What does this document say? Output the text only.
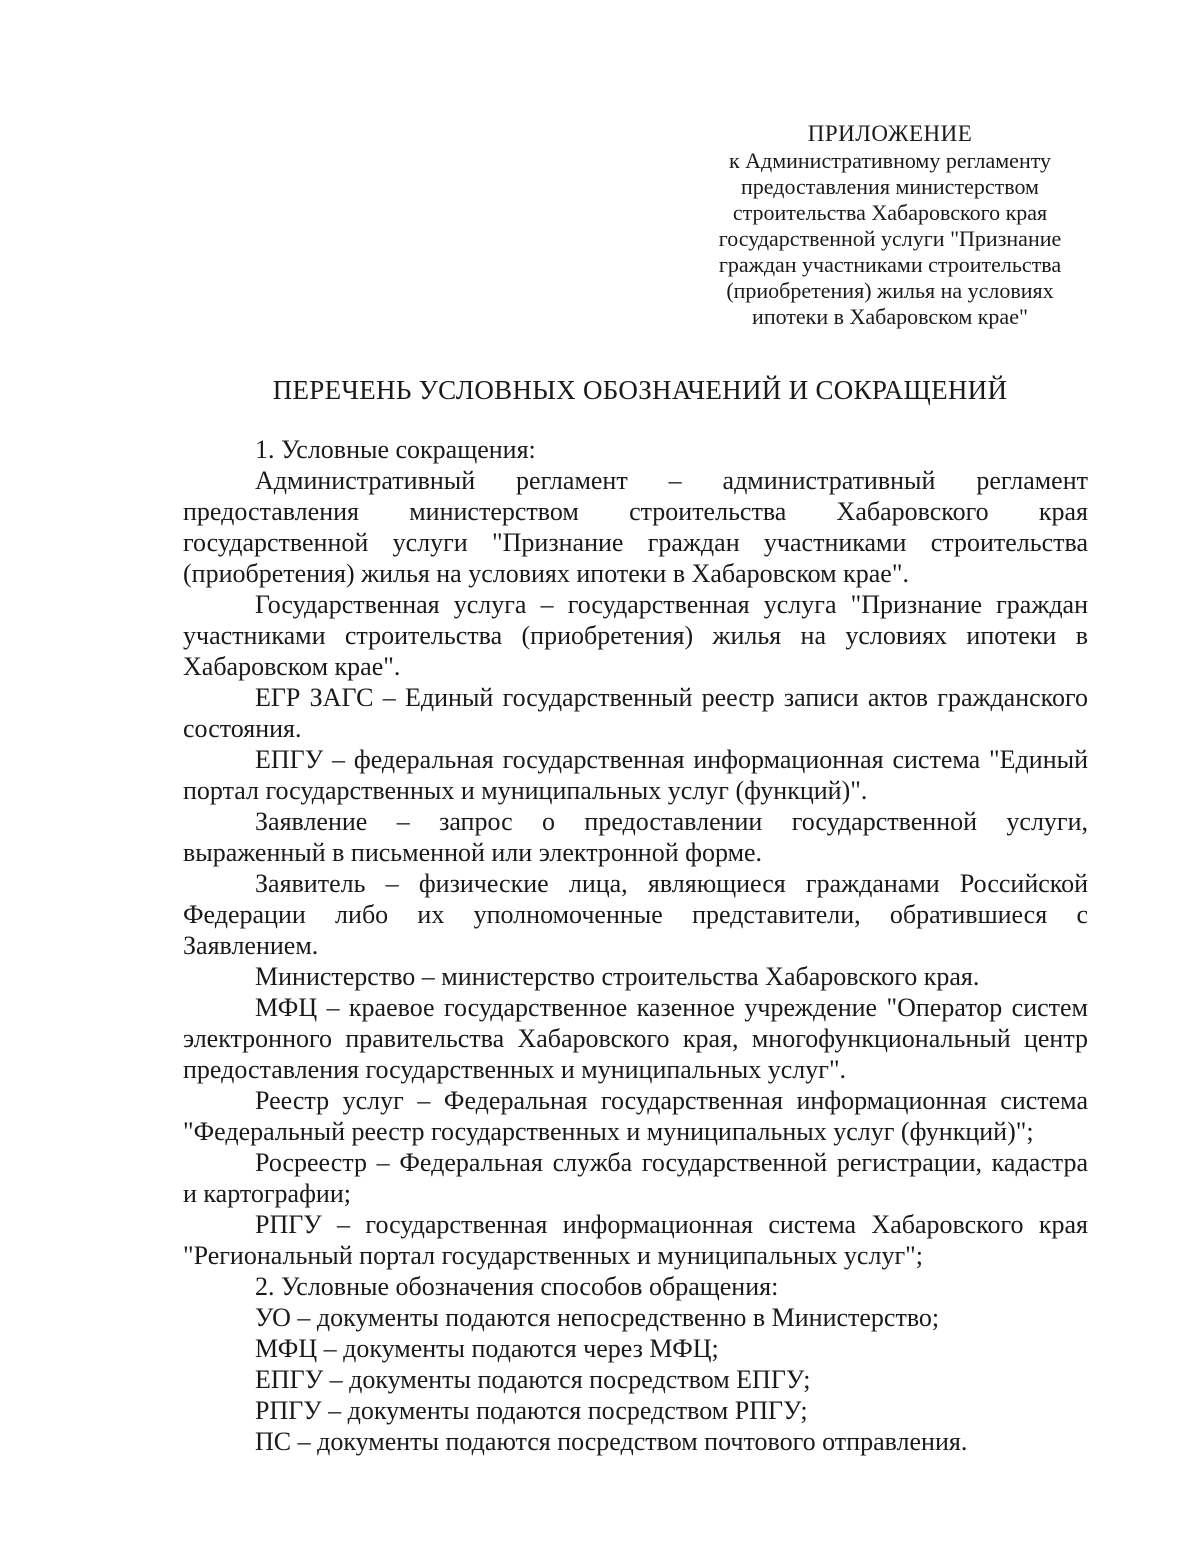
ПРИЛОЖЕНИЕ
к Административному регламенту
предоставления министерством
строительства Хабаровского края
государственной услуги "Признание
граждан участниками строительства
(приобретения) жилья на условиях
ипотеки в Хабаровском крае"
ПЕРЕЧЕНЬ УСЛОВНЫХ ОБОЗНАЧЕНИЙ И СОКРАЩЕНИЙ

1. Условные сокращения:

Административный регламент – административный регламент предоставления министерством строительства Хабаровского края государственной услуги "Признание граждан участниками строительства (приобретения) жилья на условиях ипотеки в Хабаровском крае".

Государственная услуга – государственная услуга "Признание граждан участниками строительства (приобретения) жилья на условиях ипотеки в Хабаровском крае".

ЕГР ЗАГС – Единый государственный реестр записи актов гражданского состояния.

ЕПГУ – федеральная государственная информационная система "Единый портал государственных и муниципальных услуг (функций)".

Заявление – запрос о предоставлении государственной услуги, выраженный в письменной или электронной форме.

Заявитель – физические лица, являющиеся гражданами Российской Федерации либо их уполномоченные представители, обратившиеся с Заявлением.

Министерство – министерство строительства Хабаровского края.

МФЦ – краевое государственное казенное учреждение "Оператор систем электронного правительства Хабаровского края, многофункциональный центр предоставления государственных и муниципальных услуг".

Реестр услуг – Федеральная государственная информационная система "Федеральный реестр государственных и муниципальных услуг (функций)";

Росреестр – Федеральная служба государственной регистрации, кадастра и картографии;

РПГУ – государственная информационная система Хабаровского края "Региональный портал государственных и муниципальных услуг";

2. Условные обозначения способов обращения:

УО – документы подаются непосредственно в Министерство;

МФЦ – документы подаются через МФЦ;

ЕПГУ – документы подаются посредством ЕПГУ;

РПГУ – документы подаются посредством РПГУ;

ПС – документы подаются посредством почтового отправления.
